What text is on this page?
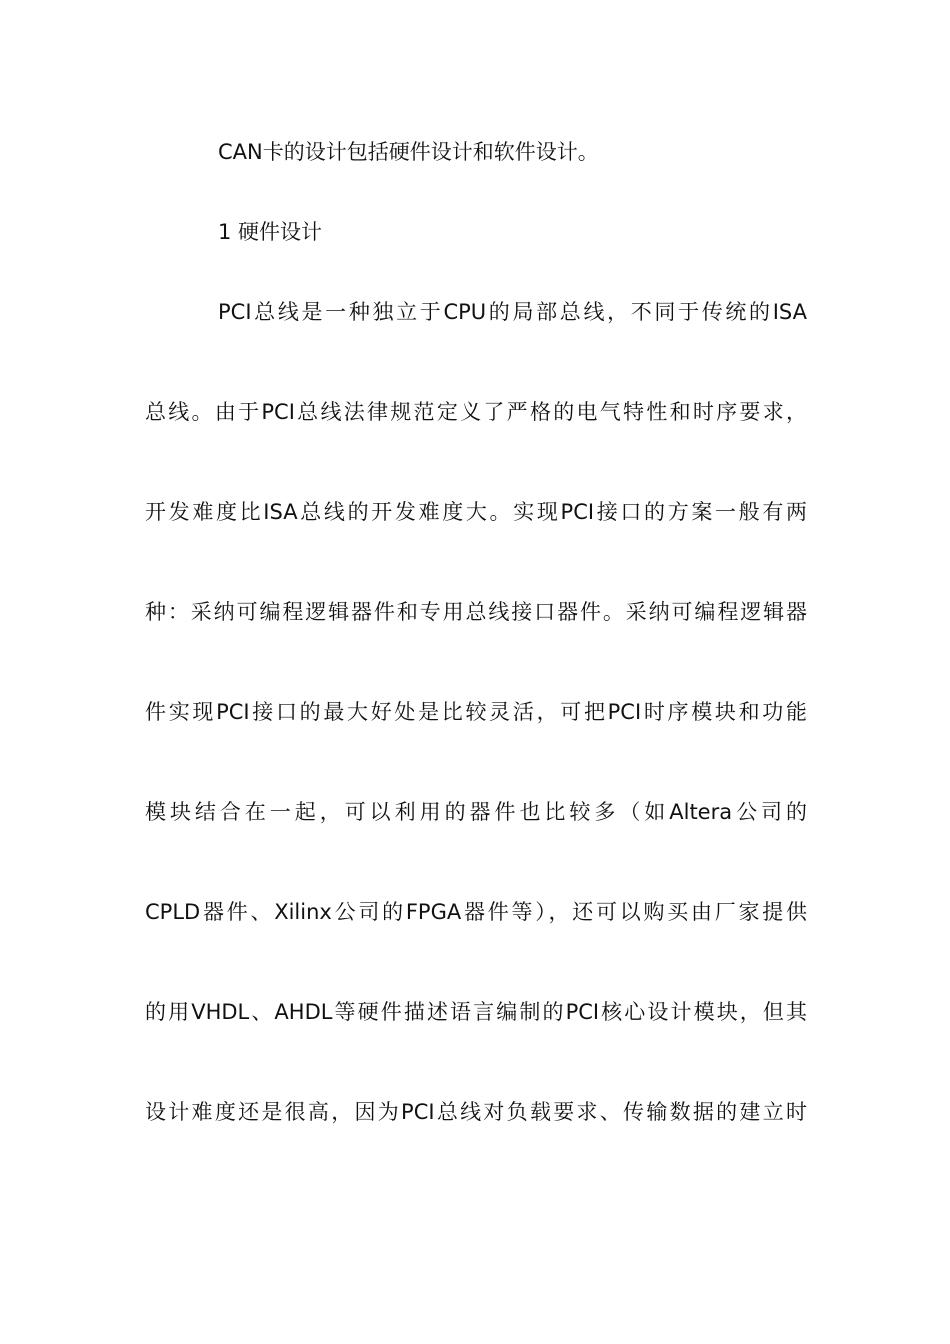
CAN卡的设计包括硬件设计和软件设计。
1 硬件设计
PCI总线是一种独立于CPU的局部总线，不同于传统的ISA
总线。由于PCI总线法律规范定义了严格的电气特性和时序要求，
开发难度比ISA总线的开发难度大。实现PCI接口的方案一般有两
种：采纳可编程逻辑器件和专用总线接口器件。采纳可编程逻辑器
件实现PCI接口的最大好处是比较灵活，可把PCI时序模块和功能
模块结合在一起，可以利用的器件也比较多（如Altera公司的
CPLD器件、Xilinx公司的FPGA器件等），还可以购买由厂家提供
的用VHDL、AHDL等硬件描述语言编制的PCI核心设计模块，但其
设计难度还是很高，因为PCI总线对负载要求、传输数据的建立时
